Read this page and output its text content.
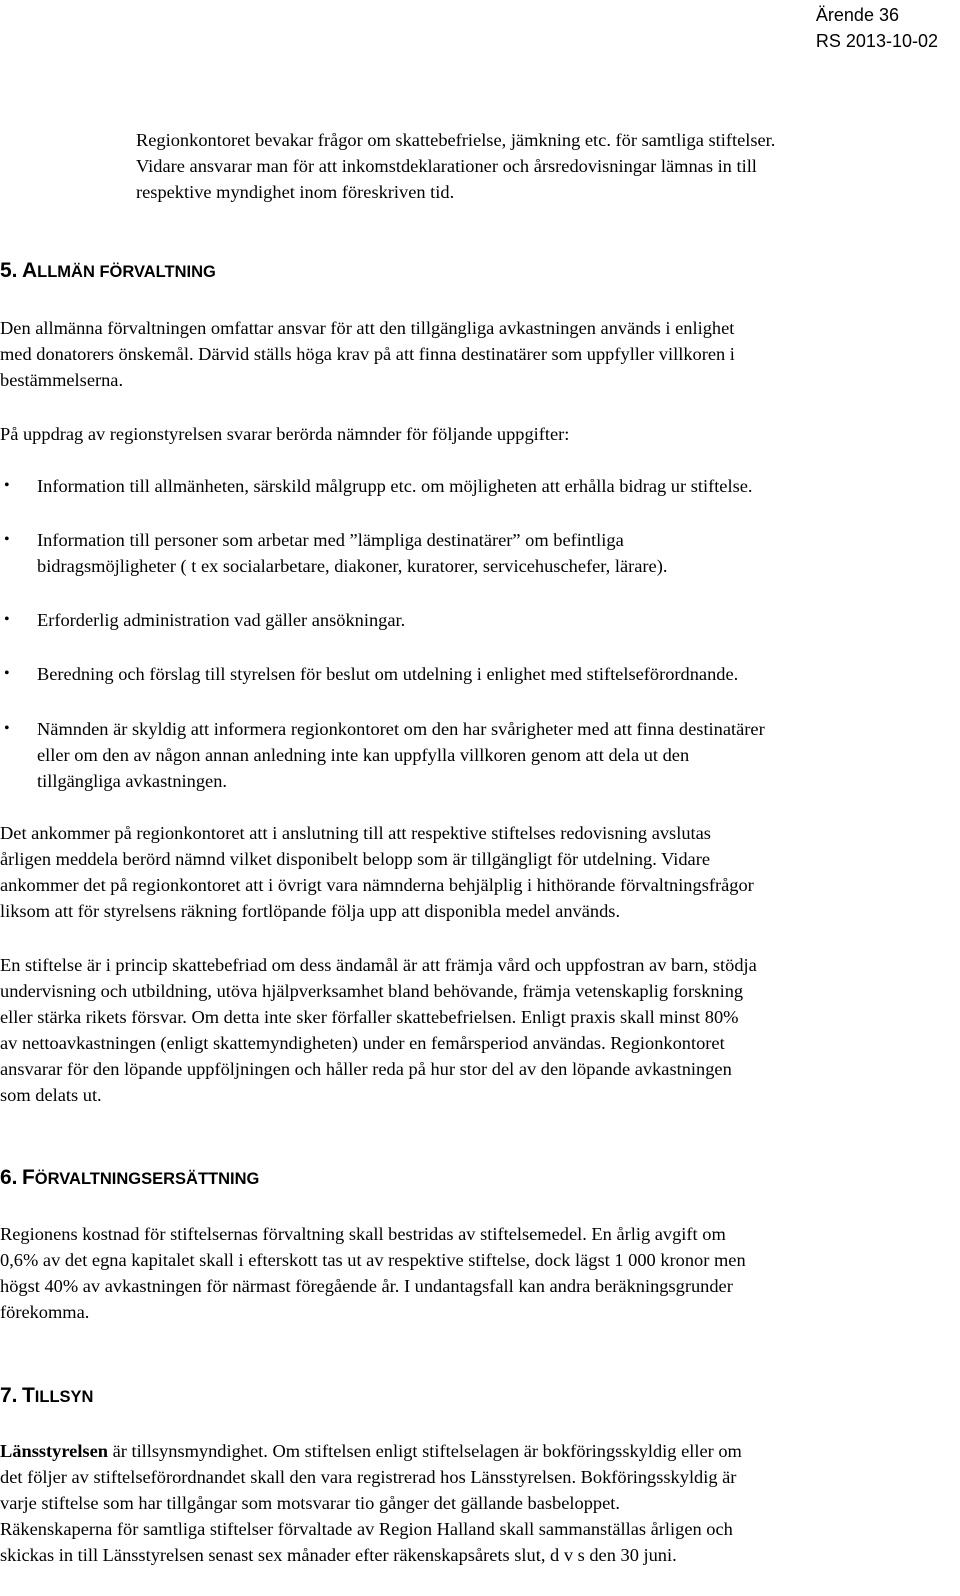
Ärende 36
RS 2013-10-02
Regionkontoret bevakar frågor om skattebefrielse, jämkning etc. för samtliga stiftelser.
Vidare ansvarar man för att inkomstdeklarationer och årsredovisningar lämnas in till
respektive myndighet inom föreskriven tid.
5. ALLMÄN FÖRVALTNING
Den allmänna förvaltningen omfattar ansvar för att den tillgängliga avkastningen används i enlighet
med donatorers önskemål. Därvid ställs höga krav på att finna destinatärer som uppfyller villkoren i
bestämmelserna.
På uppdrag av regionstyrelsen svarar berörda nämnder för följande uppgifter:
• Information till allmänheten, särskild målgrupp etc. om möjligheten att erhålla bidrag ur stiftelse.
• Information till personer som arbetar med ”lämpliga destinatärer” om befintliga
bidragsmöjligheter ( t ex socialarbetare, diakoner, kuratorer, servicehuschefer, lärare).
• Erforderlig administration vad gäller ansökningar.
• Beredning och förslag till styrelsen för beslut om utdelning i enlighet med stiftelseförordnande.
• Nämnden är skyldig att informera regionkontoret om den har svårigheter med att finna destinatärer
eller om den av någon annan anledning inte kan uppfylla villkoren genom att dela ut den
tillgängliga avkastningen.
Det ankommer på regionkontoret att i anslutning till att respektive stiftelses redovisning avslutas
årligen meddela berörd nämnd vilket disponibelt belopp som är tillgängligt för utdelning. Vidare
ankommer det på regionkontoret att i övrigt vara nämnderna behjälplig i hithörande förvaltningsfrågor
liksom att för styrelsens räkning fortlöpande följa upp att disponibla medel används.
En stiftelse är i princip skattebefriad om dess ändamål är att främja vård och uppfostran av barn, stödja
undervisning och utbildning, utöva hjälpverksamhet bland behövande, främja vetenskaplig forskning
eller stärka rikets försvar. Om detta inte sker förfaller skattebefrielsen. Enligt praxis skall minst 80%
av nettoavkastningen (enligt skattemyndigheten) under en femårsperiod användas. Regionkontoret
ansvarar för den löpande uppföljningen och håller reda på hur stor del av den löpande avkastningen
som delats ut.
6. FÖRVALTNINGSERSÄTTNING
Regionens kostnad för stiftelsernas förvaltning skall bestridas av stiftelsemedel. En årlig avgift om
0,6% av det egna kapitalet skall i efterskott tas ut av respektive stiftelse, dock lägst 1 000 kronor men
högst 40% av avkastningen för närmast föregående år. I undantagsfall kan andra beräkningsgrunder
förekomma.
7. TILLSYN
Länsstyrelsen är tillsynsmyndighet. Om stiftelsen enligt stiftelselagen är bokföringsskyldig eller om
det följer av stiftelseförordnandet skall den vara registrerad hos Länsstyrelsen. Bokföringsskyldig är
varje stiftelse som har tillgångar som motsvarar tio gånger det gällande basbeloppet.
Räkenskaperna för samtliga stiftelser förvaltade av Region Halland skall sammanställas årligen och
skickas in till Länsstyrelsen senast sex månader efter räkenskapsårets slut, d v s den 30 juni.
